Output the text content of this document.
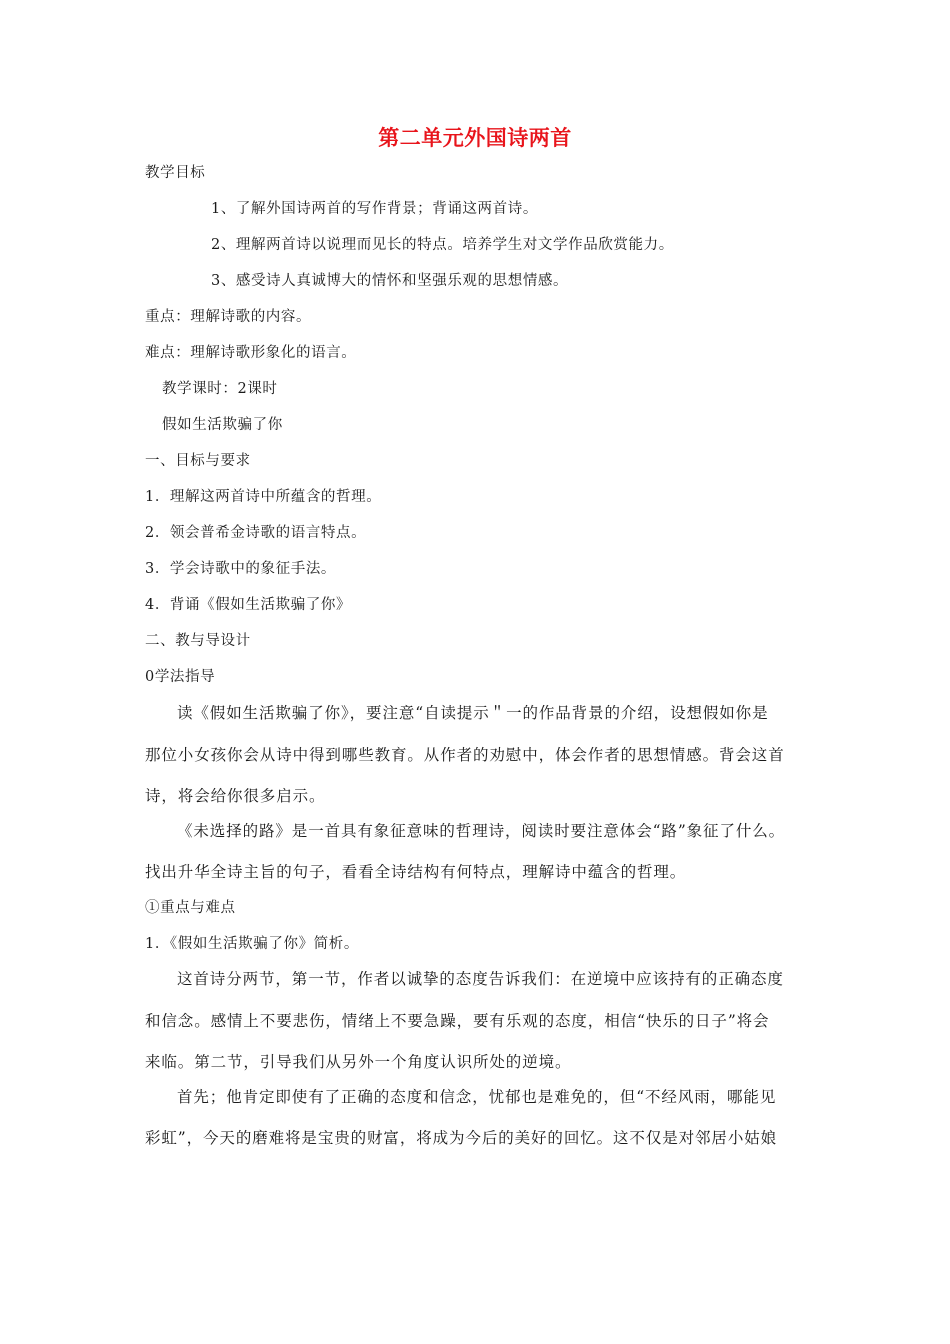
第二单元外国诗两首
教学目标
1、了解外国诗两首的写作背景；背诵这两首诗。
2、理解两首诗以说理而见长的特点。培养学生对文学作品欣赏能力。
3、感受诗人真诚博大的情怀和坚强乐观的思想情感。
重点：理解诗歌的内容。
难点：理解诗歌形象化的语言。
教学课时：2课时
假如生活欺骗了你
一、目标与要求
1．理解这两首诗中所蕴含的哲理。
2．领会普希金诗歌的语言特点。
3．学会诗歌中的象征手法。
4．背诵《假如生活欺骗了你》
二、教与导设计
0学法指导
读《假如生活欺骗了你》，要注意“自读提示＂一的作品背景的介绍，设想假如你是
那位小女孩你会从诗中得到哪些教育。从作者的劝慰中，体会作者的思想情感。背会这首
诗，将会给你很多启示。
《未选择的路》是一首具有象征意味的哲理诗，阅读时要注意体会“路”象征了什么。
找出升华全诗主旨的句子，看看全诗结构有何特点，理解诗中蕴含的哲理。
①重点与难点
1．《假如生活欺骗了你》简析。
这首诗分两节，第一节，作者以诚挚的态度告诉我们：在逆境中应该持有的正确态度
和信念。感情上不要悲伤，情绪上不要急躁，要有乐观的态度，相信“快乐的日子”将会
来临。第二节，引导我们从另外一个角度认识所处的逆境。
首先；他肯定即使有了正确的态度和信念，忧郁也是难免的，但“不经风雨，哪能见
彩虹”，今天的磨难将是宝贵的财富，将成为今后的美好的回忆。这不仅是对邻居小姑娘
